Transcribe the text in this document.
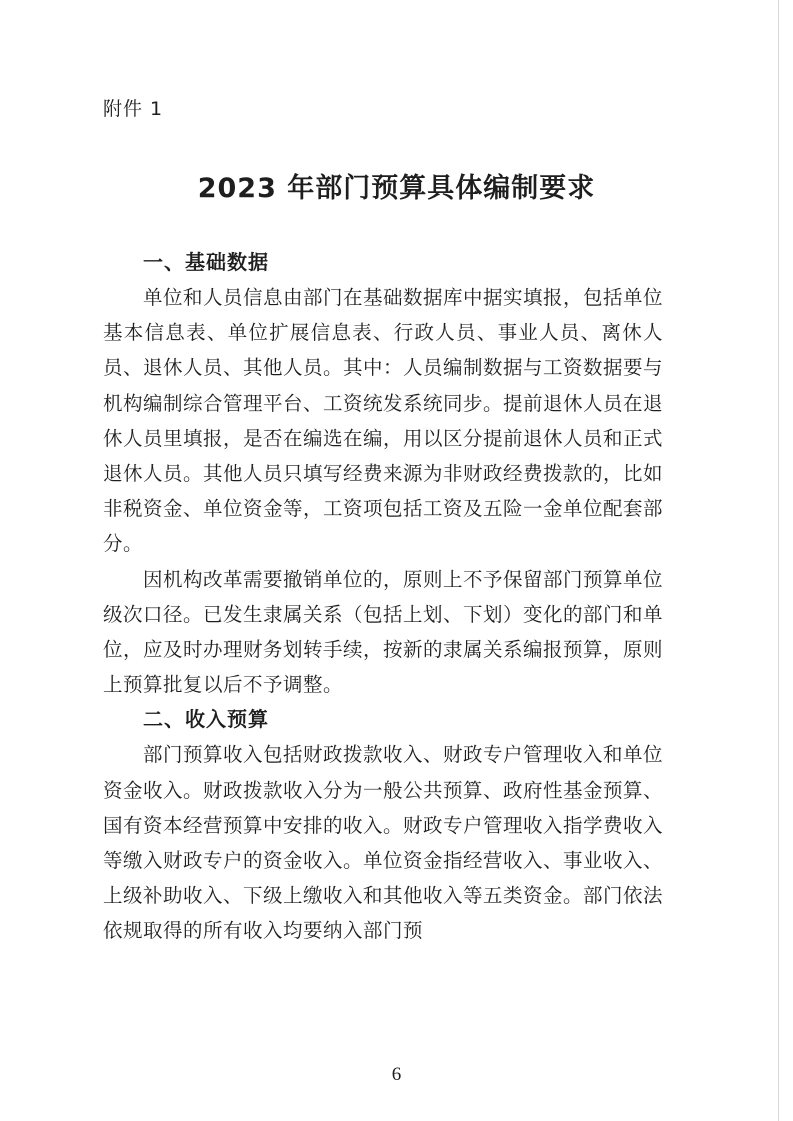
附件 1
2023 年部门预算具体编制要求
一、基础数据

单位和人员信息由部门在基础数据库中据实填报，包括单位基本信息表、单位扩展信息表、行政人员、事业人员、离休人员、退休人员、其他人员。其中：人员编制数据与工资数据要与机构编制综合管理平台、工资统发系统同步。提前退休人员在退休人员里填报，是否在编选在编，用以区分提前退休人员和正式退休人员。其他人员只填写经费来源为非财政经费拨款的，比如非税资金、单位资金等，工资项包括工资及五险一金单位配套部分。

因机构改革需要撤销单位的，原则上不予保留部门预算单位级次口径。已发生隶属关系（包括上划、下划）变化的部门和单位，应及时办理财务划转手续，按新的隶属关系编报预算，原则上预算批复以后不予调整。

二、收入预算

部门预算收入包括财政拨款收入、财政专户管理收入和单位资金收入。财政拨款收入分为一般公共预算、政府性基金预算、国有资本经营预算中安排的收入。财政专户管理收入指学费收入等缴入财政专户的资金收入。单位资金指经营收入、事业收入、上级补助收入、下级上缴收入和其他收入等五类资金。部门依法依规取得的所有收入均要纳入部门预

6
